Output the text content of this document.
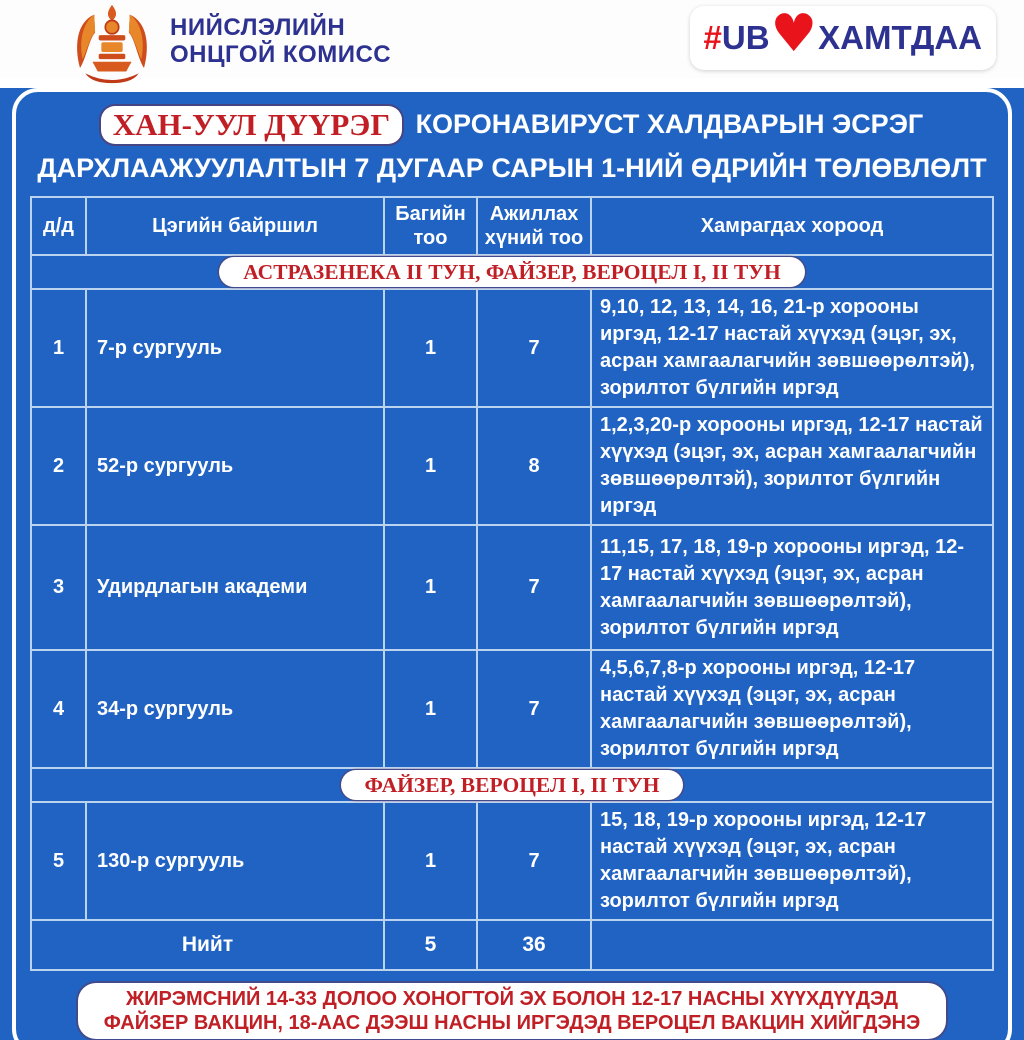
НИЙСЛЭЛИЙН
ОНЦГОЙ КОМИСС	# UB ♥ ХАМТДАА
ХАН-УУЛ ДҮҮРЭГ КОРОНАВИРУСТ ХАЛДВАРЫН ЭСРЭГ
ДАРХЛААЖУУЛАЛТЫН 7 ДУГААР САРЫН 1-НИЙ ӨДРИЙН ТӨЛӨВЛӨЛТ
д/д	Цэгийн байршил	Багийн тоо	Ажиллах хүний тоо	Хамрагдах хороод
АСТРАЗЕНЕКА II ТУН, ФАЙЗЕР, ВЕРОЦЕЛ I, II ТУН				
1	7-р сургууль	1	7	9,10, 12, 13, 14, 16, 21-р хорооны иргэд, 12-17 настай хүүхэд (эцэг, эх, асран хамгаалагчийн зөвшөөрөлтэй), зорилтот бүлгийн иргэд
2	52-р сургууль	1	8	1,2,3,20-р хорооны иргэд, 12-17 настай хүүхэд (эцэг, эх, асран хамгаалагчийн зөвшөөрөлтэй), зорилтот бүлгийн иргэд
3	Удирдлагын академи	1	7	11,15, 17, 18, 19-р хорооны иргэд, 12-17 настай хүүхэд (эцэг, эх, асран хамгаалагчийн зөвшөөрөлтэй), зорилтот бүлгийн иргэд
4	34-р сургууль	1	7	4,5,6,7,8-р хорооны иргэд, 12-17 настай хүүхэд (эцэг, эх, асран хамгаалагчийн зөвшөөрөлтэй), зорилтот бүлгийн иргэд
ФАЙЗЕР, ВЕРОЦЕЛ I, II ТУН				
5	130-р сургууль	1	7	15, 18, 19-р хорооны иргэд, 12-17 настай хүүхэд (эцэг, эх, асран хамгаалагчийн зөвшөөрөлтэй), зорилтот бүлгийн иргэд
Нийт		5	36	
ЖИРЭМСНИЙ 14-33 ДОЛОО ХОНОГТОЙ ЭХ БОЛОН 12-17 НАСНЫ ХҮҮХДҮҮДЭД
ФАЙЗЕР ВАКЦИН, 18-ААС ДЭЭШ НАСНЫ ИРГЭДЭД ВЕРОЦЕЛ ВАКЦИН ХИЙГДЭНЭ
